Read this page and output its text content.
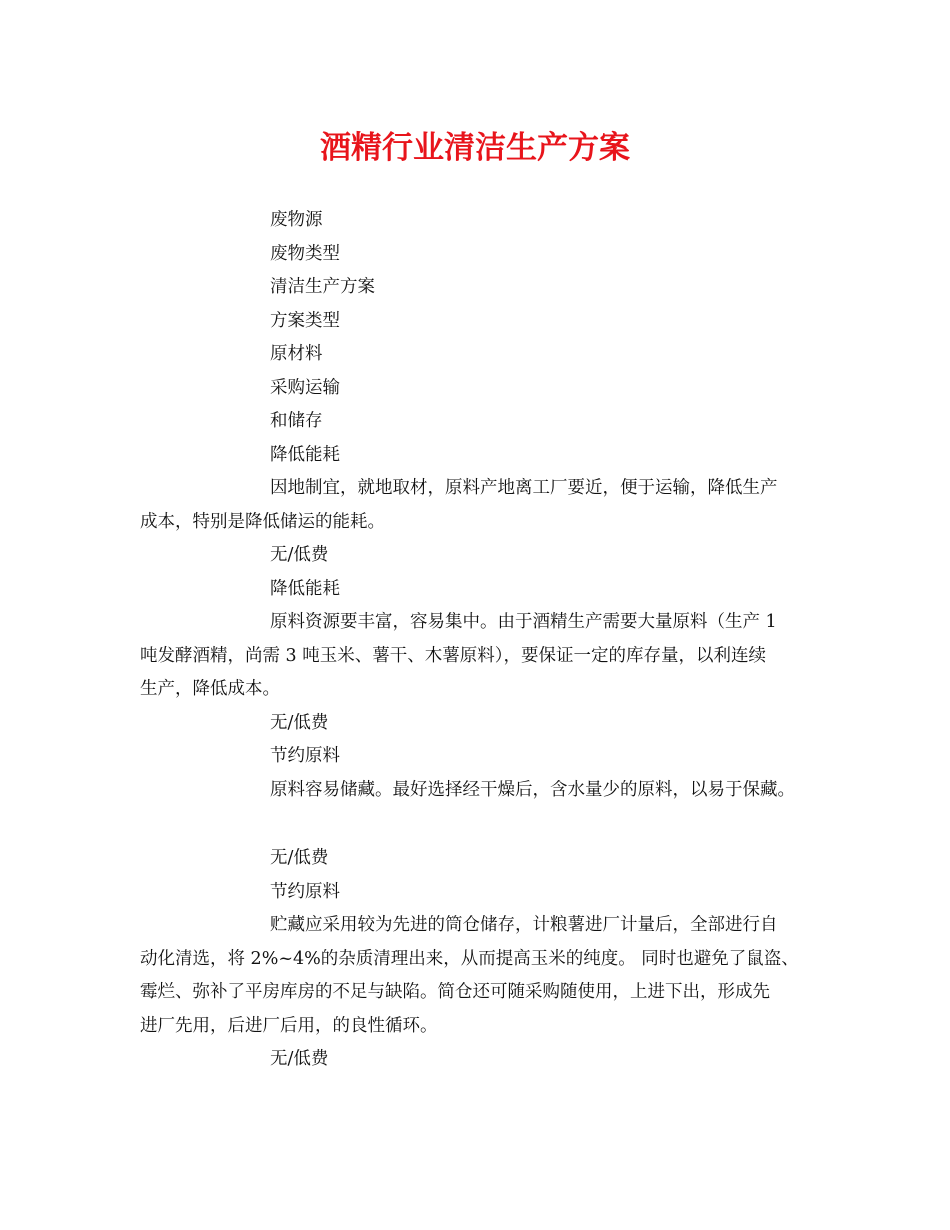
酒精行业清洁生产方案
废物源
废物类型
清洁生产方案
方案类型
原材料
采购运输
和储存
降低能耗
因地制宜，就地取材，原料产地离工厂要近，便于运输，降低生产
成本，特别是降低储运的能耗。
无/低费
降低能耗
原料资源要丰富，容易集中。由于酒精生产需要大量原料（生产 1
吨发酵酒精，尚需 3 吨玉米、薯干、木薯原料），要保证一定的库存量，以利连续
生产，降低成本。
无/低费
节约原料
原料容易储藏。最好选择经干燥后，含水量少的原料，以易于保藏。
无/低费
节约原料
贮藏应采用较为先进的筒仓储存，计粮薯进厂计量后，全部进行自
动化清选，将 2%~4%的杂质清理出来，从而提高玉米的纯度。 同时也避免了鼠盗、
霉烂、弥补了平房库房的不足与缺陷。简仓还可随采购随使用，上进下出，形成先
进厂先用，后进厂后用，的良性循环。
无/低费
